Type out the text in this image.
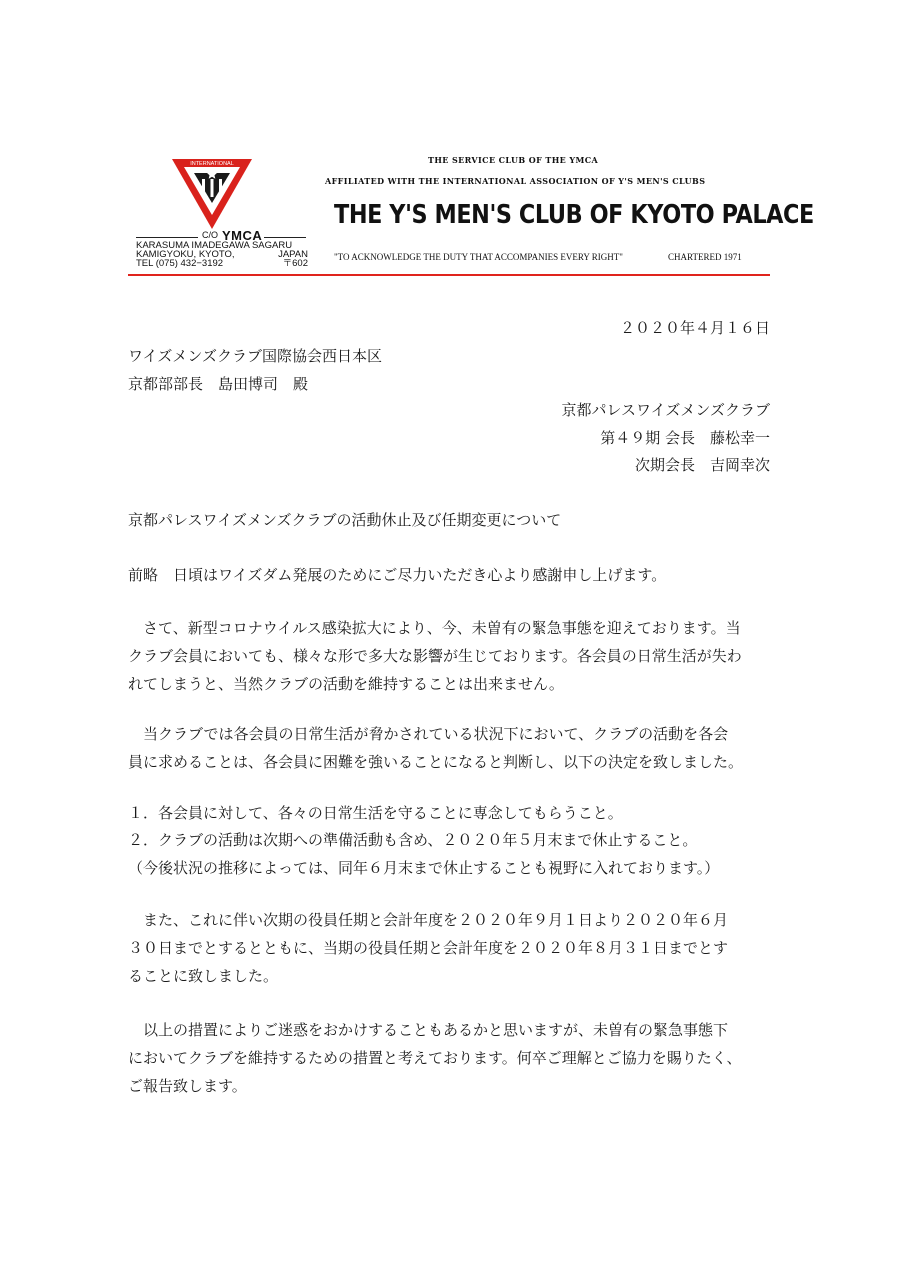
INTERNATIONAL
C/O YMCA
KARASUMA IMADEGAWA SAGARU
KAMIGYOKU, KYOTO,	JAPAN
TEL (075) 432−3192	〒602
THE SERVICE CLUB OF THE YMCA
AFFILIATED WITH THE INTERNATIONAL ASSOCIATION OF Y'S MEN'S CLUBS
THE Y'S MEN'S CLUB OF KYOTO PALACE
"TO ACKNOWLEDGE THE DUTY THAT ACCOMPANIES EVERY RIGHT"	CHARTERED 1971
２０２０年４月１６日
ワイズメンズクラブ国際協会西日本区
京都部部長　島田博司　殿
京都パレスワイズメンズクラブ
第４９期 会長　藤松幸一
次期会長　吉岡幸次
京都パレスワイズメンズクラブの活動休止及び任期変更について
前略　日頃はワイズダム発展のためにご尽力いただき心より感謝申し上げます。
　さて、新型コロナウイルス感染拡大により、今、未曽有の緊急事態を迎えております。当
クラブ会員においても、様々な形で多大な影響が生じております。各会員の日常生活が失わ
れてしまうと、当然クラブの活動を維持することは出来ません。
　当クラブでは各会員の日常生活が脅かされている状況下において、クラブの活動を各会
員に求めることは、各会員に困難を強いることになると判断し、以下の決定を致しました。
１．各会員に対して、各々の日常生活を守ることに専念してもらうこと。
２．クラブの活動は次期への準備活動も含め、２０２０年５月末まで休止すること。
（今後状況の推移によっては、同年６月末まで休止することも視野に入れております。）
　また、これに伴い次期の役員任期と会計年度を２０２０年９月１日より２０２０年６月
３０日までとするとともに、当期の役員任期と会計年度を２０２０年８月３１日までとす
ることに致しました。
　以上の措置によりご迷惑をおかけすることもあるかと思いますが、未曽有の緊急事態下
においてクラブを維持するための措置と考えております。何卒ご理解とご協力を賜りたく、
ご報告致します。
